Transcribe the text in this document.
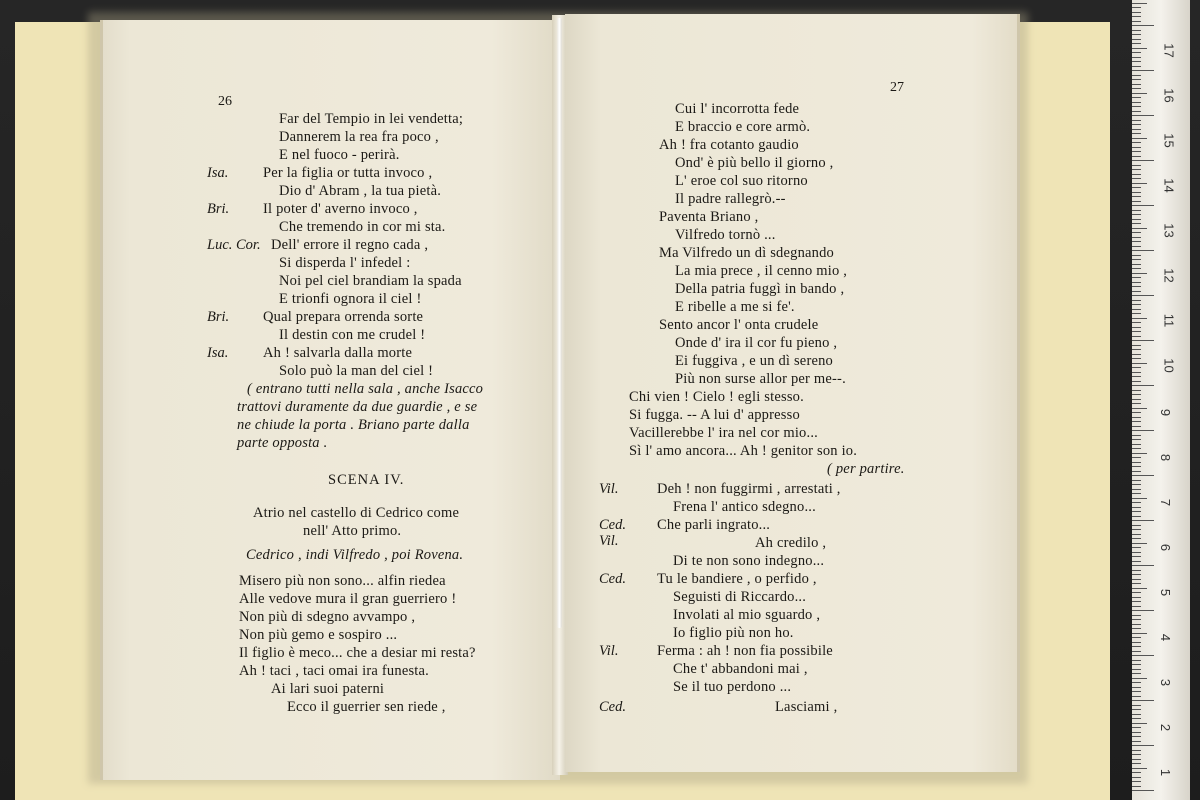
26
Far del Tempio in lei vendetta;
Dannerem la rea fra poco ,
E nel fuoco - perirà.
Isa. Per la figlia or tutta invoco ,
Dio d' Abram , la tua pietà.
Bri. Il poter d' averno invoco ,
Che tremendo in cor mi sta.
Luc. Cor. Dell' errore il regno cada ,
Si disperda l' infedel :
Noi pel ciel brandiam la spada
E trionfi ognora il ciel !
Bri. Qual prepara orrenda sorte
Il destin con me crudel !
Isa. Ah ! salvarla dalla morte
Solo può la man del ciel !
( entrano tutti nella sala , anche Isacco
trattovi duramente da due guardie , e se
ne chiude la porta . Briano parte dalla
parte opposta .
SCENA IV.
Atrio nel castello di Cedrico come
nell' Atto primo.
Cedrico , indi Vilfredo , poi Rovena.
Misero più non sono... alfin riedea
Alle vedove mura il gran guerriero !
Non più di sdegno avvampo ,
Non più gemo e sospiro ...
Il figlio è meco... che a desiar mi resta?
Ah ! taci , taci omai ira funesta.
Ai lari suoi paterni
Ecco il guerrier sen riede ,
27
Cui l' incorrotta fede
E braccio e core armò.
Ah ! fra cotanto gaudio
Ond' è più bello il giorno ,
L' eroe col suo ritorno
Il padre rallegrò.--
Paventa Briano ,
Vilfredo tornò ...
Ma Vilfredo un dì sdegnando
La mia prece , il cenno mio ,
Della patria fuggì in bando ,
E ribelle a me si fe'.
Sento ancor l' onta crudele
Onde d' ira il cor fu pieno ,
Ei fuggiva , e un dì sereno
Più non surse allor per me--.
Chi vien ! Cielo ! egli stesso.
Si fugga. -- A lui d' appresso
Vacillerebbe l' ira nel cor mio...
Sì l' amo ancora... Ah ! genitor son io.
( per partire.
Vil.	Deh ! non fuggirmi , arrestati ,
Frena l' antico sdegno...
Ced. Che parli ingrato...
Vil.	Ah credilo ,
Di te non sono indegno...
Ced. Tu le bandiere , o perfido ,
Seguisti di Riccardo...
Involati al mio sguardo ,
Io figlio più non ho.
Vil.	Ferma : ah ! non fia possibile
Che t' abbandoni mai ,
Se il tuo perdono ...
Ced.	Lasciami ,
1
2
3
4
5
6
7
8
9
10
11
12
13
14
15
16
17
